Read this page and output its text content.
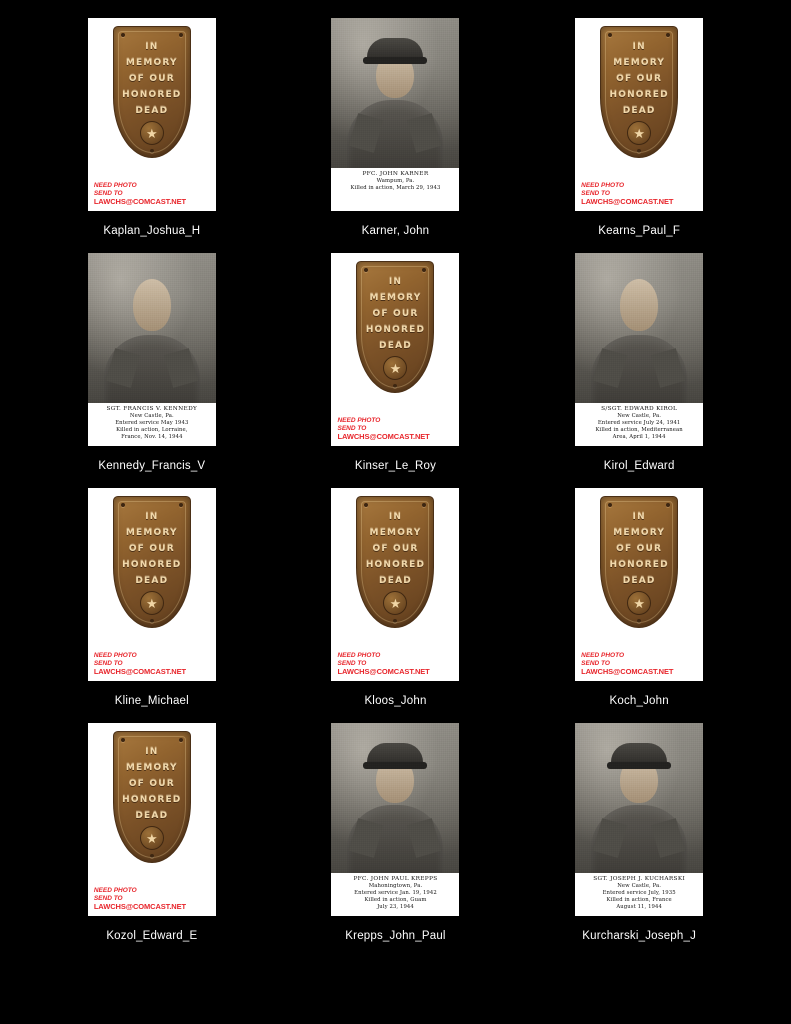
IN
MEMORY
OF OUR
HONORED
DEAD
★
NEED PHOTO
SEND TO
LAWCHS@COMCAST.NET
Kaplan_Joshua_H
PFC. JOHN KARNER
Wampum, Pa.
Killed in action, March 29, 1943
Karner, John
IN
MEMORY
OF OUR
HONORED
DEAD
★
NEED PHOTO
SEND TO
LAWCHS@COMCAST.NET
Kearns_Paul_F
SGT. FRANCIS V. KENNEDY
New Castle, Pa.
Entered service May 1943
Killed in action, Lorraine,
France, Nov. 14, 1944
Kennedy_Francis_V
IN
MEMORY
OF OUR
HONORED
DEAD
★
NEED PHOTO
SEND TO
LAWCHS@COMCAST.NET
Kinser_Le_Roy
S/SGT. EDWARD KIROL
New Castle, Pa.
Entered service July 24, 1941
Killed in action, Mediterranean
Area, April 1, 1944
Kirol_Edward
IN
MEMORY
OF OUR
HONORED
DEAD
★
NEED PHOTO
SEND TO
LAWCHS@COMCAST.NET
Kline_Michael
IN
MEMORY
OF OUR
HONORED
DEAD
★
NEED PHOTO
SEND TO
LAWCHS@COMCAST.NET
Kloos_John
IN
MEMORY
OF OUR
HONORED
DEAD
★
NEED PHOTO
SEND TO
LAWCHS@COMCAST.NET
Koch_John
IN
MEMORY
OF OUR
HONORED
DEAD
★
NEED PHOTO
SEND TO
LAWCHS@COMCAST.NET
Kozol_Edward_E
PFC. JOHN PAUL KREPPS
Mahoningtown, Pa.
Entered service Jan. 19, 1942
Killed in action, Guam
July 23, 1944
Krepps_John_Paul
SGT. JOSEPH J. KUCHARSKI
New Castle, Pa.
Entered service July, 1935
Killed in action, France
August 11, 1944
Kurcharski_Joseph_J
